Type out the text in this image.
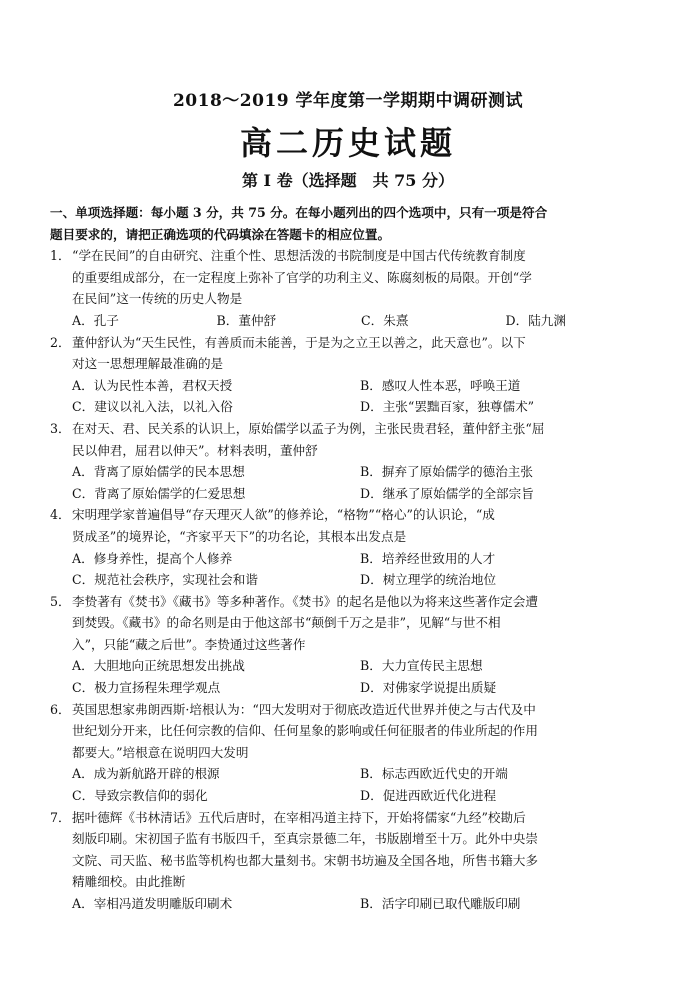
2018～2019 学年度第一学期期中调研测试
高二历史试题
第 I 卷（选择题　共 75 分）
一、单项选择题：每小题 3 分，共 75 分。在每小题列出的四个选项中，只有一项是符合
题目要求的，请把正确选项的代码填涂在答题卡的相应位置。
1． “学在民间”的自由研究、注重个性、思想活泼的书院制度是中国古代传统教育制度
的重要组成部分，在一定程度上弥补了官学的功利主义、陈腐刻板的局限。开创“学
在民间”这一传统的历史人物是
A．孔子	B．董仲舒	C．朱熹	D．陆九渊
2． 董仲舒认为“天生民性，有善质而未能善，于是为之立王以善之，此天意也”。以下
对这一思想理解最准确的是
A．认为民性本善，君权天授	B．感叹人性本恶，呼唤王道
C．建议以礼入法，以礼入俗	D．主张“罢黜百家，独尊儒术”
3． 在对天、君、民关系的认识上，原始儒学以孟子为例，主张民贵君轻，董仲舒主张“屈
民以伸君，屈君以伸天”。材料表明，董仲舒
A．背离了原始儒学的民本思想	B．摒弃了原始儒学的德治主张
C．背离了原始儒学的仁爱思想	D．继承了原始儒学的全部宗旨
4． 宋明理学家普遍倡导“存天理灭人欲”的修养论，“格物”“格心”的认识论，“成
贤成圣”的境界论，“齐家平天下”的功名论，其根本出发点是
A．修身养性，提高个人修养	B．培养经世致用的人才
C．规范社会秩序，实现社会和谐	D．树立理学的统治地位
5． 李贽著有《焚书》《藏书》等多种著作。《焚书》的起名是他以为将来这些著作定会遭
到焚毁。《藏书》的命名则是由于他这部书“颠倒千万之是非”，见解“与世不相
入”，只能“藏之后世”。李贽通过这些著作
A．大胆地向正统思想发出挑战	B．大力宣传民主思想
C．极力宣扬程朱理学观点	D．对佛家学说提出质疑
6． 英国思想家弗朗西斯·培根认为：“四大发明对于彻底改造近代世界并使之与古代及中
世纪划分开来，比任何宗教的信仰、任何星象的影响或任何征服者的伟业所起的作用
都要大。”培根意在说明四大发明
A．成为新航路开辟的根源	B．标志西欧近代史的开端
C．导致宗教信仰的弱化	D．促进西欧近代化进程
7． 据叶德辉《书林清话》五代后唐时，在宰相冯道主持下，开始将儒家“九经”校勘后
刻版印刷。宋初国子监有书版四千，至真宗景德二年，书版剧增至十万。此外中央崇
文院、司天监、秘书监等机构也都大量刻书。宋朝书坊遍及全国各地，所售书籍大多
精雕细校。由此推断
A．宰相冯道发明雕版印刷术	B．活字印刷已取代雕版印刷
